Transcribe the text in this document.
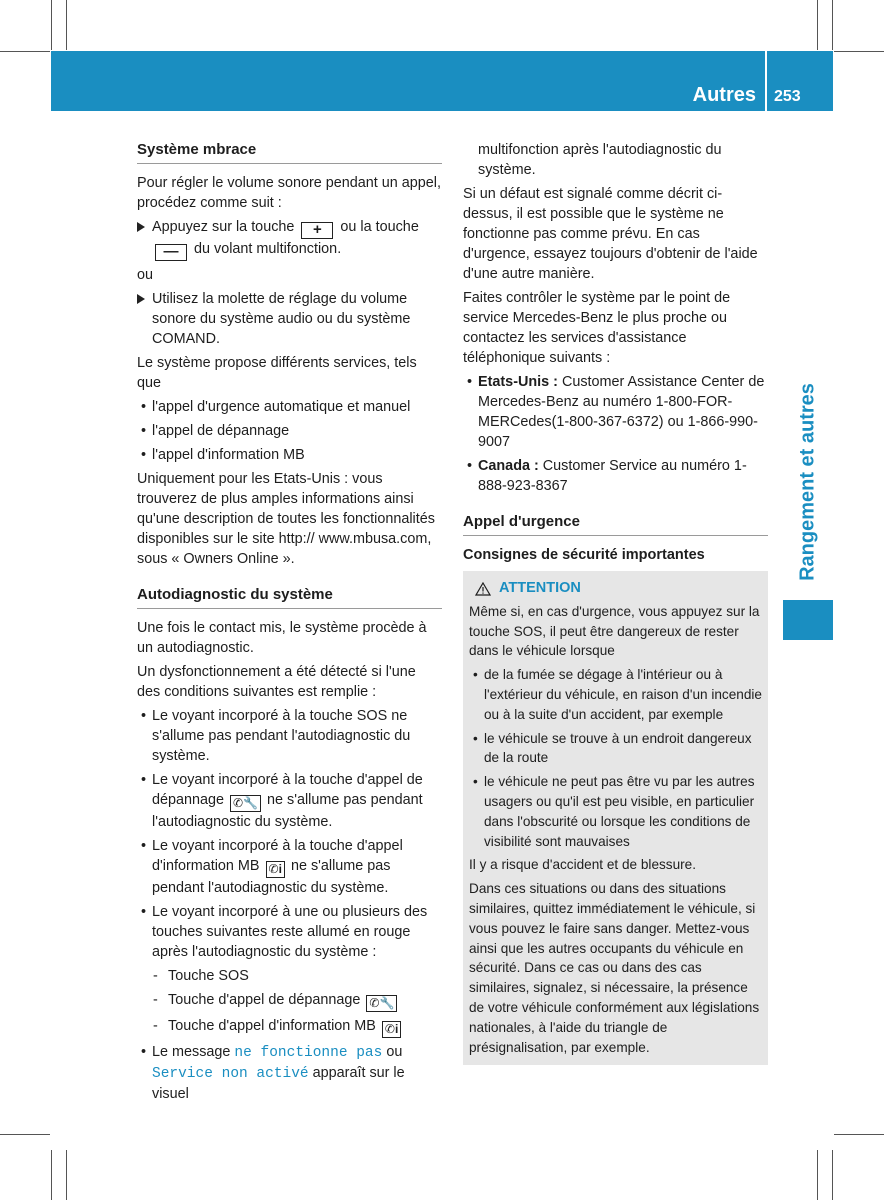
Autres 253
Rangement et autres
Système mbrace

Pour régler le volume sonore pendant un appel, procédez comme suit :

Appuyez sur la touche + ou la touche — du volant multifonction.

ou

Utilisez la molette de réglage du volume sonore du système audio ou du système COMAND.

Le système propose différents services, tels que

• l'appel d'urgence automatique et manuel
• l'appel de dépannage
• l'appel d'information MB

Uniquement pour les Etats-Unis : vous trouverez de plus amples informations ainsi qu'une description de toutes les fonctionnalités disponibles sur le site http:// www.mbusa.com, sous « Owners Online ».

Autodiagnostic du système

Une fois le contact mis, le système procède à un autodiagnostic.

Un dysfonctionnement a été détecté si l'une des conditions suivantes est remplie :

• Le voyant incorporé à la touche SOS ne s'allume pas pendant l'autodiagnostic du système.
• Le voyant incorporé à la touche d'appel de dépannage ✆🔧 ne s'allume pas pendant l'autodiagnostic du système.
• Le voyant incorporé à la touche d'appel d'information MB ✆i ne s'allume pas pendant l'autodiagnostic du système.
• Le voyant incorporé à une ou plusieurs des touches suivantes reste allumé en rouge après l'autodiagnostic du système :
- Touche SOS
- Touche d'appel de dépannage ✆🔧
- Touche d'appel d'information MB ✆i
• Le message ne fonctionne pas ou Service non activé apparaît sur le visuel

multifonction après l'autodiagnostic du système.

Si un défaut est signalé comme décrit ci-dessus, il est possible que le système ne fonctionne pas comme prévu. En cas d'urgence, essayez toujours d'obtenir de l'aide d'une autre manière.

Faites contrôler le système par le point de service Mercedes-Benz le plus proche ou contactez les services d'assistance téléphonique suivants :

• Etats-Unis : Customer Assistance Center de Mercedes-Benz au numéro 1-800-FOR-MERCedes(1-800-367-6372) ou 1-866-990-9007
• Canada : Customer Service au numéro 1-888-923-8367
Appel d'urgence
Consignes de sécurité importantes
ATTENTION

Même si, en cas d'urgence, vous appuyez sur la touche SOS, il peut être dangereux de rester dans le véhicule lorsque

• de la fumée se dégage à l'intérieur ou à l'extérieur du véhicule, en raison d'un incendie ou à la suite d'un accident, par exemple
• le véhicule se trouve à un endroit dangereux de la route
• le véhicule ne peut pas être vu par les autres usagers ou qu'il est peu visible, en particulier dans l'obscurité ou lorsque les conditions de visibilité sont mauvaises

Il y a risque d'accident et de blessure.

Dans ces situations ou dans des situations similaires, quittez immédiatement le véhicule, si vous pouvez le faire sans danger. Mettez-vous ainsi que les autres occupants du véhicule en sécurité. Dans ce cas ou dans des cas similaires, signalez, si nécessaire, la présence de votre véhicule conformément aux législations nationales, à l'aide du triangle de présignalisation, par exemple.
